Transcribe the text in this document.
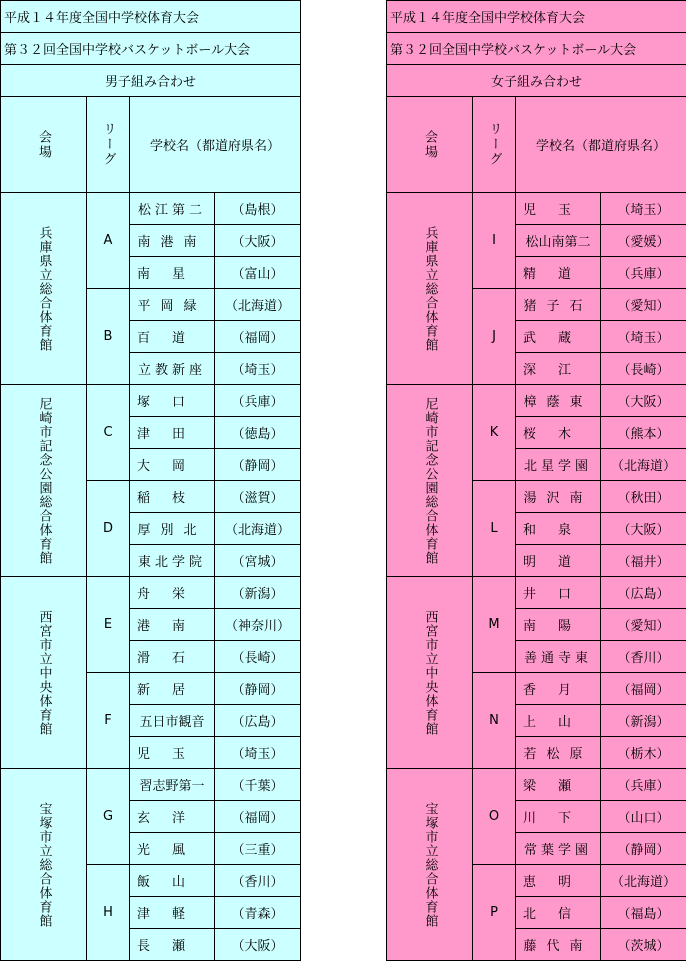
平成１４年度全国中学校体育大会			
第３２回全国中学校バスケットボール大会			
男子組み合わせ			

会場	リーグ	学校名（都道府県名）	

兵庫県立総合体育館	A	松江第二	（島根）
		南港南	（大阪）
		南星	（富山）
	B	平岡緑	（北海道）
		百道	（福岡）
		立教新座	（埼玉）

尼崎市記念公園総合体育館	C	塚口	（兵庫）
		津田	（徳島）
		大岡	（静岡）
	D	稲枝	（滋賀）
		厚別北	（北海道）
		東北学院	（宮城）

西宮市立中央体育館	E	舟栄	（新潟）
		港南	（神奈川）
		滑石	（長崎）
	F	新居	（静岡）
		五日市観音	（広島）
		児玉	（埼玉）

宝塚市立総合体育館	G	習志野第一	（千葉）
		玄洋	（福岡）
		光風	（三重）
	H	飯山	（香川）
		津軽	（青森）
		長瀬	（大阪）
平成１４年度全国中学校体育大会			
第３２回全国中学校バスケットボール大会			
女子組み合わせ			

会場	リーグ	学校名（都道府県名）	

兵庫県立総合体育館	I	児玉	（埼玉）
		松山南第二	（愛媛）
		精道	（兵庫）
	J	猪子石	（愛知）
		武蔵	（埼玉）
		深江	（長崎）

尼崎市記念公園総合体育館	K	樟蔭東	（大阪）
		桜木	（熊本）
		北星学園	（北海道）
	L	湯沢南	（秋田）
		和泉	（大阪）
		明道	（福井）

西宮市立中央体育館	M	井口	（広島）
		南陽	（愛知）
		善通寺東	（香川）
	N	香月	（福岡）
		上山	（新潟）
		若松原	（栃木）

宝塚市立総合体育館	O	梁瀬	（兵庫）
		川下	（山口）
		常葉学園	（静岡）
	P	恵明	（北海道）
		北信	（福島）
		藤代南	（茨城）
